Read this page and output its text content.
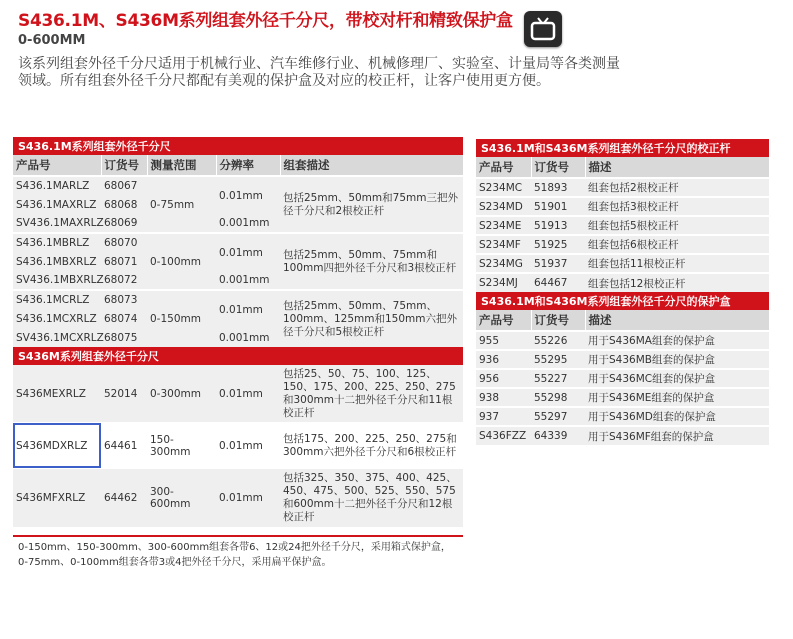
S436.1M、S436M系列组套外径千分尺，带校对杆和精致保护盒
0-600MM
该系列组套外径千分尺适用于机械行业、汽车维修行业、机械修理厂、实验室、计量局等各类测量领域。所有组套外径千分尺都配有美观的保护盒及对应的校正杆，让客户使用更方便。
S436.1M系列组套外径千分尺				
产品号	订货号	测量范围	分辨率	组套描述
S436.1MARLZ	68067	0-75mm	0.01mm	包括25mm、50mm和75mm三把外径千分尺和2根校正杆
S436.1MAXRLZ	68068			
SV436.1MAXRLZ	68069		0.001mm	
S436.1MBRLZ	68070	0-100mm	0.01mm	包括25mm、50mm、75mm和100mm四把外径千分尺和3根校正杆
S436.1MBXRLZ	68071			
SV436.1MBXRLZ	68072		0.001mm	
S436.1MCRLZ	68073	0-150mm	0.01mm	包括25mm、50mm、75mm、100mm、125mm和150mm六把外径千分尺和5根校正杆
S436.1MCXRLZ	68074			
SV436.1MCXRLZ	68075		0.001mm	
S436M系列组套外径千分尺				
S436MEXRLZ	52014	0-300mm	0.01mm	包括25、50、75、100、125、150、175、200、225、250、275和300mm十二把外径千分尺和11根校正杆
S436MDXRLZ	64461	150-300mm	0.01mm	包括175、200、225、250、275和300mm六把外径千分尺和6根校正杆
S436MFXRLZ	64462	300-600mm	0.01mm	包括325、350、375、400、425、450、475、500、525、550、575和600mm十二把外径千分尺和12根校正杆
0-150mm、150-300mm、300-600mm组套各带6、12或24把外径千分尺，采用箱式保护盒，
0-75mm、0-100mm组套各带3或4把外径千分尺，采用扁平保护盒。
S436.1M和S436M系列组套外径千分尺的校正杆		
产品号	订货号	描述
S234MC	51893	组套包括2根校正杆
S234MD	51901	组套包括3根校正杆
S234ME	51913	组套包括5根校正杆
S234MF	51925	组套包括6根校正杆
S234MG	51937	组套包括11根校正杆
S234MJ	64467	组套包括12根校正杆
S436.1M和S436M系列组套外径千分尺的保护盒		
产品号	订货号	描述
955	55226	用于S436MA组套的保护盒
936	55295	用于S436MB组套的保护盒
956	55227	用于S436MC组套的保护盒
938	55298	用于S436ME组套的保护盒
937	55297	用于S436MD组套的保护盒
S436FZZ	64339	用于S436MF组套的保护盒
